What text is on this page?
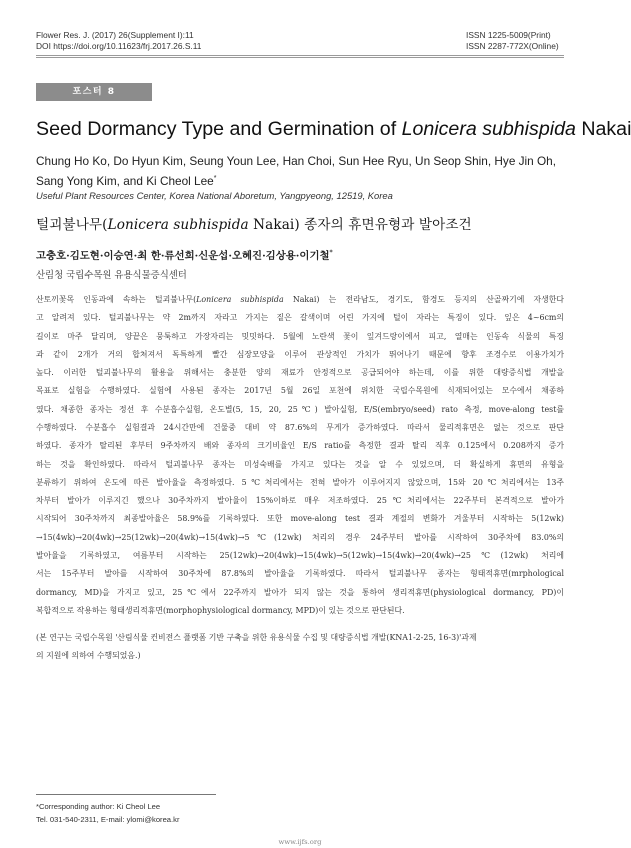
Flower Res. J. (2017) 26(Supplement I):11
DOI https://doi.org/10.11623/frj.2017.26.S.11
ISSN 1225-5009(Print)
ISSN 2287-772X(Online)
포스터 8
Seed Dormancy Type and Germination of Lonicera subhispida Nakai
Chung Ho Ko, Do Hyun Kim, Seung Youn Lee, Han Choi, Sun Hee Ryu, Un Seop Shin, Hye Jin Oh,
Sang Yong Kim, and Ki Cheol Lee*
Useful Plant Resources Center, Korea National Aboretum, Yangpyeong, 12519, Korea
털괴불나무(Lonicera subhispida Nakai) 종자의 휴면유형과 발아조건
고충호·김도현·이승연·최 한·류선희·신운섭·오혜진·김상용·이기철*
산림청 국립수목원 유용식물증식센터
산토끼꽃목 인동과에 속하는 털괴불나무(Lonicera subhispida Nakai) 는 전라남도, 경기도, 함경도 등지의 산골짜기에 자생한다
고 알려져 있다. 털괴불나무는 약 2m까지 자라고 가지는 짙은 갈색이며 어린 가지에 털이 자라는 특징이 있다. 잎은 4~6cm의
길이로 마주 달리며, 양끝은 뭉툭하고 가장자리는 밋밋하다. 5월에 노란색 꽃이 잎겨드랑이에서 피고, 열매는 인동속 식물의 특징
과 같이 2개가 거의 합쳐져서 독특하게 빨간 심장모양을 이루어 관상적인 가치가 뛰어나기 때문에 향후 조경수로 이용가치가
높다. 이러한 털괴불나무의 활용을 위해서는 충분한 양의 재료가 안정적으로 공급되어야 하는데, 이를 위한 대량증식법 개발을
목표로 실험을 수행하였다. 실험에 사용된 종자는 2017년 5월 26일 포천에 위치한 국립수목원에 식재되어있는 모수에서 채종하
였다. 채종한 종자는 정선 후 수분흡수실험, 온도별(5, 15, 20, 25℃) 발아실험, E/S(embryo/seed) rato 측정, move-along test를
수행하였다. 수분흡수 실험결과 24시간만에 건물중 대비 약 87.6%의 무게가 증가하였다. 따라서 물리적휴면은 없는 것으로 판단
하였다. 종자가 탈리된 후부터 9주차까지 배와 종자의 크기비율인 E/S ratio를 측정한 결과 탈리 직후 0.125에서 0.208까지 증가
하는 것을 확인하였다. 따라서 털괴불나무 종자는 미성숙배를 가지고 있다는 것을 알 수 있었으며, 더 확실하게 휴면의 유형을
분류하기 위하여 온도에 따른 발아율을 측정하였다. 5℃처리에서는 전혀 발아가 이루어지지 않았으며, 15와 20℃처리에서는 13주
차부터 발아가 이루지긴 했으나 30주차까지 발아율이 15%이하로 매우 저조하였다. 25℃처리에서는 22주부터 본격적으로 발아가
시작되어 30주차까지 최종발아율은 58.9%를 기록하였다. 또한 move-along test 결과 계절의 변화가 겨울부터 시작하는 5(12wk)
→15(4wk)→20(4wk)→25(12wk)→20(4wk)→15(4wk)→5℃(12wk) 처리의 경우 24주부터 발아를 시작하여 30주차에 83.0%의
발아율을 기록하였고, 여름부터 시작하는 25(12wk)→20(4wk)→15(4wk)→5(12wk)→15(4wk)→20(4wk)→25℃(12wk) 처리에
서는 15주부터 발아를 시작하여 30주차에 87.8%의 발아율을 기록하였다. 따라서 털괴불나무 종자는 형태적휴면(mrphological
dormancy, MD)을 가지고 있고, 25℃에서 22주까지 발아가 되지 않는 것을 통하여 생리적휴면(physiological dormancy, PD)이
복합적으로 작용하는 형태생리적휴면(morphophysiological dormancy, MPD)이 있는 것으로 판단된다.
(본 연구는 국립수목원 '산림식물 컨비전스 플랫폼 기반 구축을 위한 유용식물 수집 및 대량증식법 개발(KNA1-2-25, 16-3)'과제
의 지원에 의하여 수행되었음.)
*Corresponding author: Ki Cheol Lee
Tel. 031-540-2311, E-mail: ylomi@korea.kr
www.ijfs.org
